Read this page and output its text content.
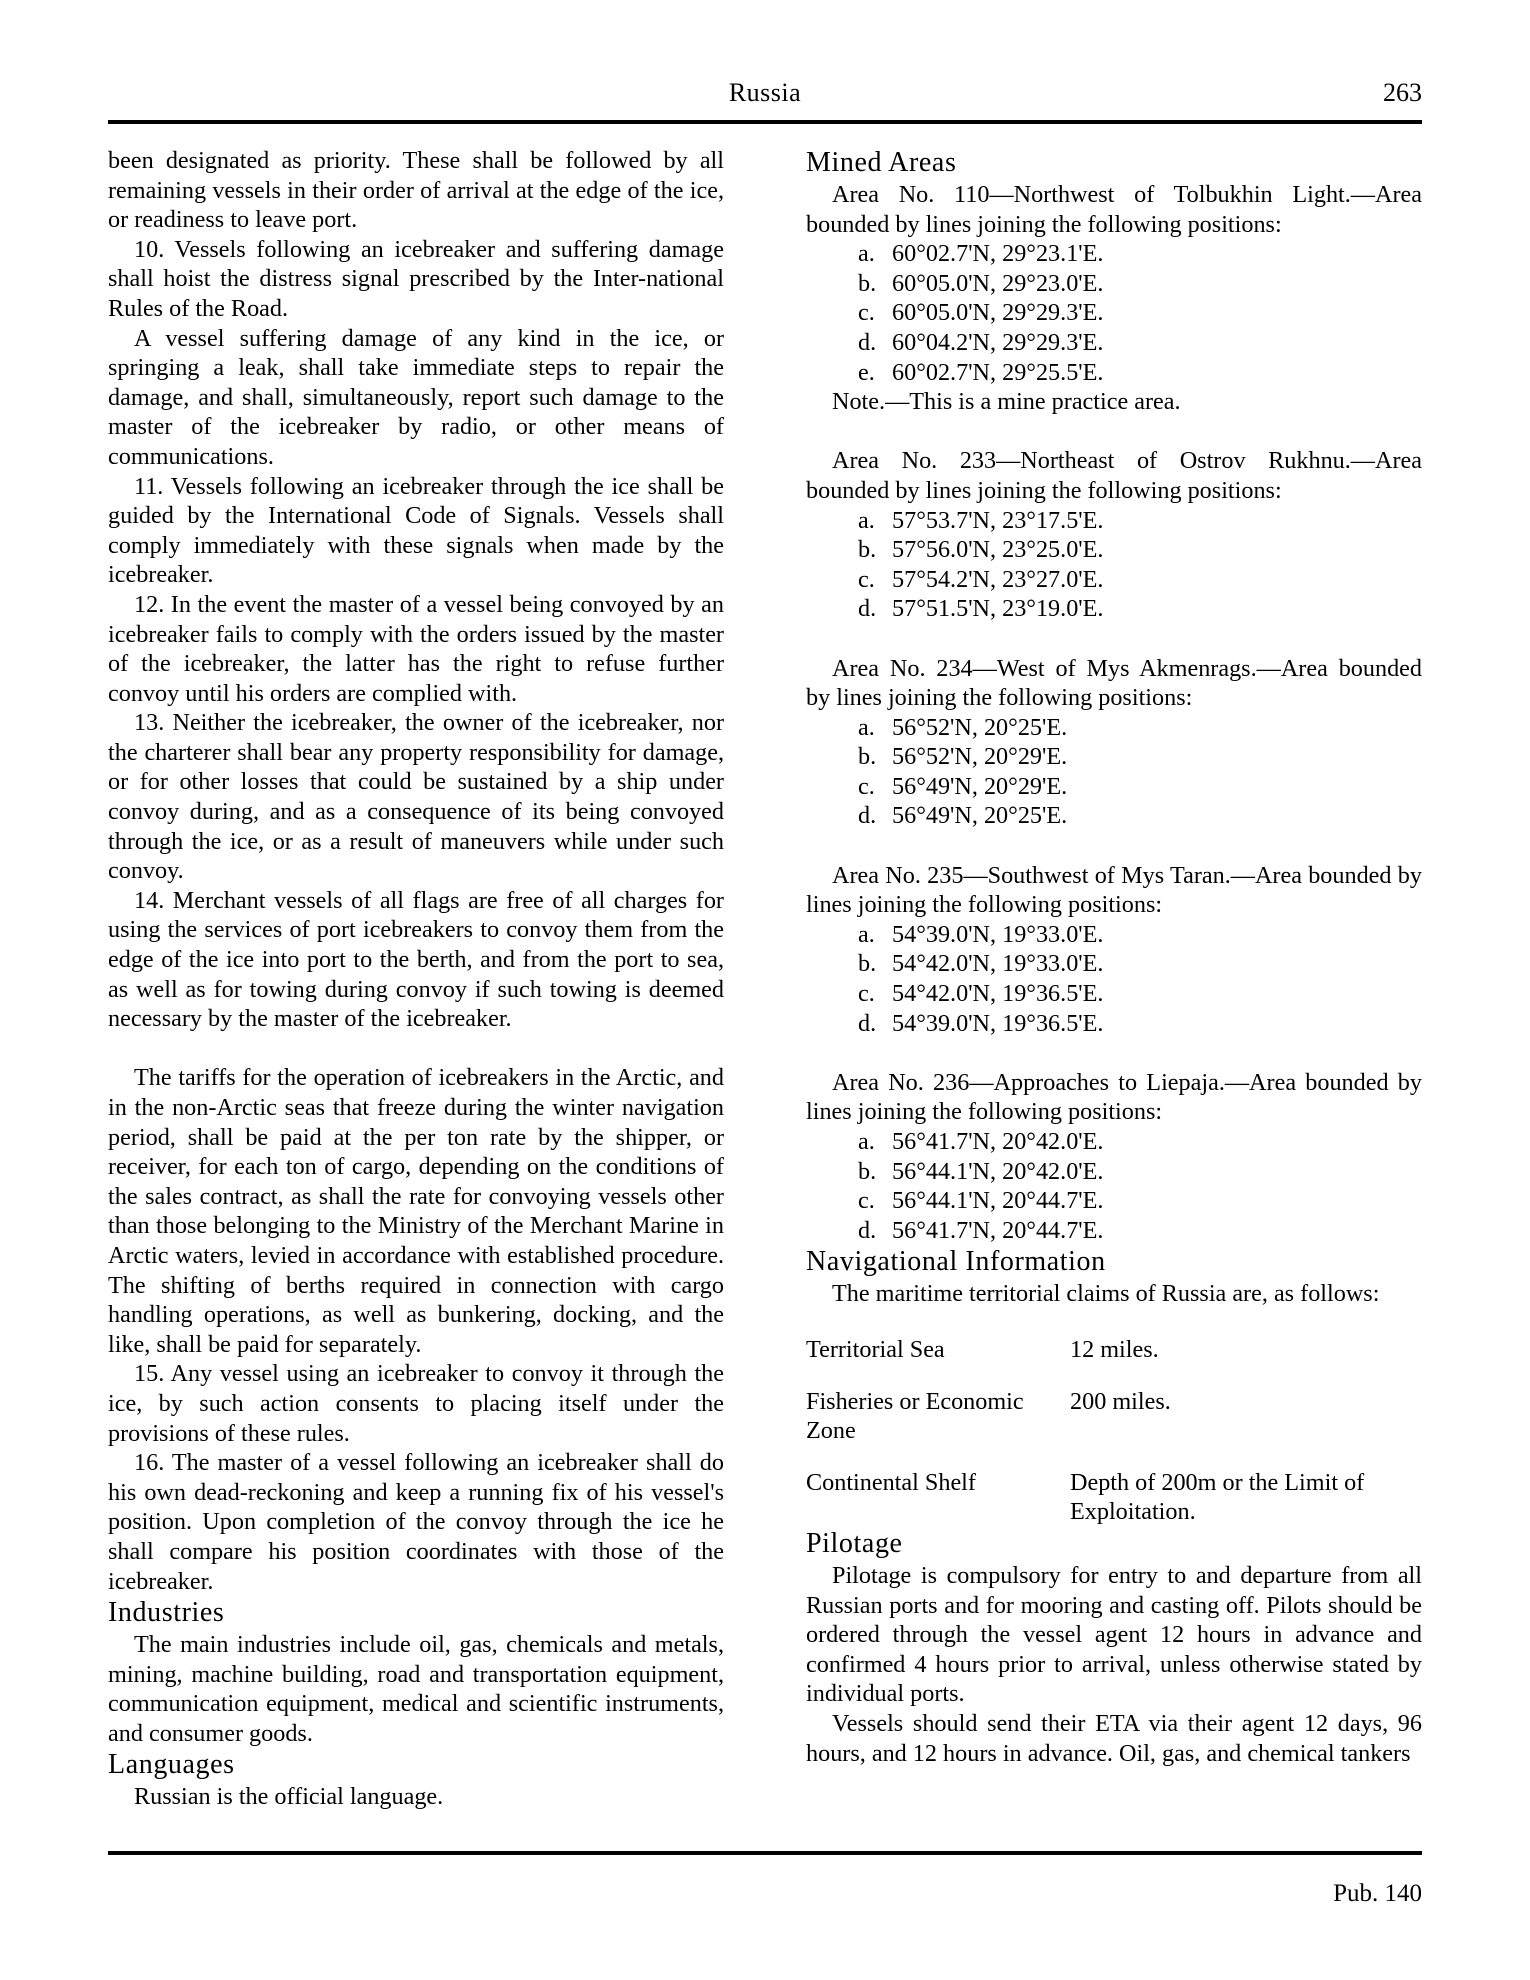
Russia	263

been designated as priority. These shall be followed by all remaining vessels in their order of arrival at the edge of the ice, or readiness to leave port.

10. Vessels following an icebreaker and suffering damage shall hoist the distress signal prescribed by the Inter-national Rules of the Road.

A vessel suffering damage of any kind in the ice, or springing a leak, shall take immediate steps to repair the damage, and shall, simultaneously, report such damage to the master of the icebreaker by radio, or other means of communications.

11. Vessels following an icebreaker through the ice shall be guided by the International Code of Signals. Vessels shall comply immediately with these signals when made by the icebreaker.

12. In the event the master of a vessel being convoyed by an icebreaker fails to comply with the orders issued by the master of the icebreaker, the latter has the right to refuse further convoy until his orders are complied with.

13. Neither the icebreaker, the owner of the icebreaker, nor the charterer shall bear any property responsibility for damage, or for other losses that could be sustained by a ship under convoy during, and as a consequence of its being convoyed through the ice, or as a result of maneuvers while under such convoy.

14. Merchant vessels of all flags are free of all charges for using the services of port icebreakers to convoy them from the edge of the ice into port to the berth, and from the port to sea, as well as for towing during convoy if such towing is deemed necessary by the master of the icebreaker.

The tariffs for the operation of icebreakers in the Arctic, and in the non-Arctic seas that freeze during the winter navigation period, shall be paid at the per ton rate by the shipper, or receiver, for each ton of cargo, depending on the conditions of the sales contract, as shall the rate for convoying vessels other than those belonging to the Ministry of the Merchant Marine in Arctic waters, levied in accordance with established procedure. The shifting of berths required in connection with cargo handling operations, as well as bunkering, docking, and the like, shall be paid for separately.

15. Any vessel using an icebreaker to convoy it through the ice, by such action consents to placing itself under the provisions of these rules.

16. The master of a vessel following an icebreaker shall do his own dead-reckoning and keep a running fix of his vessel's position. Upon completion of the convoy through the ice he shall compare his position coordinates with those of the icebreaker.

Industries

The main industries include oil, gas, chemicals and metals, mining, machine building, road and transportation equipment, communication equipment, medical and scientific instruments, and consumer goods.

Languages

Russian is the official language.

Mined Areas

Area No. 110—Northwest of Tolbukhin Light.—Area bounded by lines joining the following positions:

a. 60°02.7'N, 29°23.1'E.
b. 60°05.0'N, 29°23.0'E.
c. 60°05.0'N, 29°29.3'E.
d. 60°04.2'N, 29°29.3'E.
e. 60°02.7'N, 29°25.5'E.

Note.—This is a mine practice area.

Area No. 233—Northeast of Ostrov Rukhnu.—Area bounded by lines joining the following positions:

a. 57°53.7'N, 23°17.5'E.
b. 57°56.0'N, 23°25.0'E.
c. 57°54.2'N, 23°27.0'E.
d. 57°51.5'N, 23°19.0'E.

Area No. 234—West of Mys Akmenrags.—Area bounded by lines joining the following positions:

a. 56°52'N, 20°25'E.
b. 56°52'N, 20°29'E.
c. 56°49'N, 20°29'E.
d. 56°49'N, 20°25'E.

Area No. 235—Southwest of Mys Taran.—Area bounded by lines joining the following positions:

a. 54°39.0'N, 19°33.0'E.
b. 54°42.0'N, 19°33.0'E.
c. 54°42.0'N, 19°36.5'E.
d. 54°39.0'N, 19°36.5'E.

Area No. 236—Approaches to Liepaja.—Area bounded by lines joining the following positions:

a. 56°41.7'N, 20°42.0'E.
b. 56°44.1'N, 20°42.0'E.
c. 56°44.1'N, 20°44.7'E.
d. 56°41.7'N, 20°44.7'E.
Navigational Information

The maritime territorial claims of Russia are, as follows:

Territorial Sea	12 miles.
Fisheries or Economic Zone	200 miles.
Continental Shelf	Depth of 200m or the Limit of Exploitation.
Pilotage

Pilotage is compulsory for entry to and departure from all Russian ports and for mooring and casting off. Pilots should be ordered through the vessel agent 12 hours in advance and confirmed 4 hours prior to arrival, unless otherwise stated by individual ports.

Vessels should send their ETA via their agent 12 days, 96 hours, and 12 hours in advance. Oil, gas, and chemical tankers

Pub. 140
